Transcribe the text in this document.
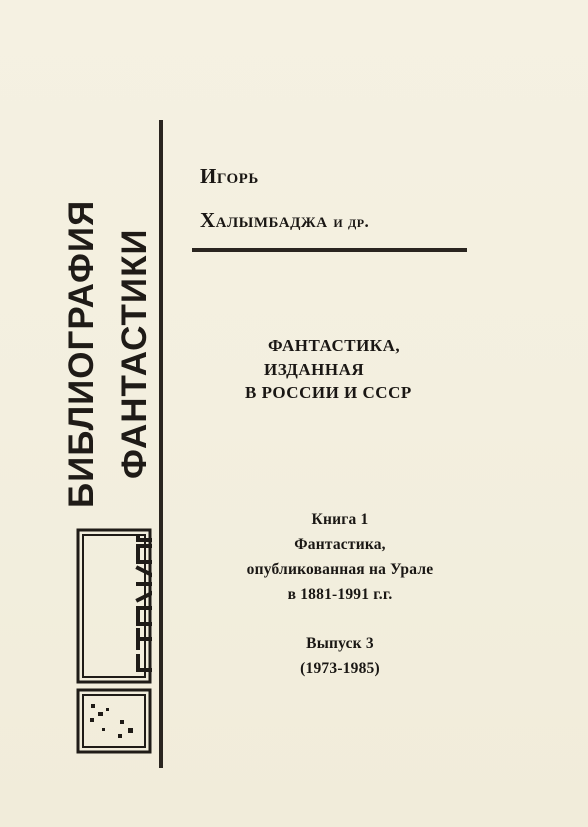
БИБЛИОГРАФИЯ ФАНТАСТИКИ
Игорь
Халымбаджа и др.
ФАНТАСТИКА,
ИЗДАННАЯ
В РОССИИ И СССР
Книга 1
Фантастика,
опубликованная на Урале
в 1881-1991 г.г.
Выпуск 3
(1973-1985)
